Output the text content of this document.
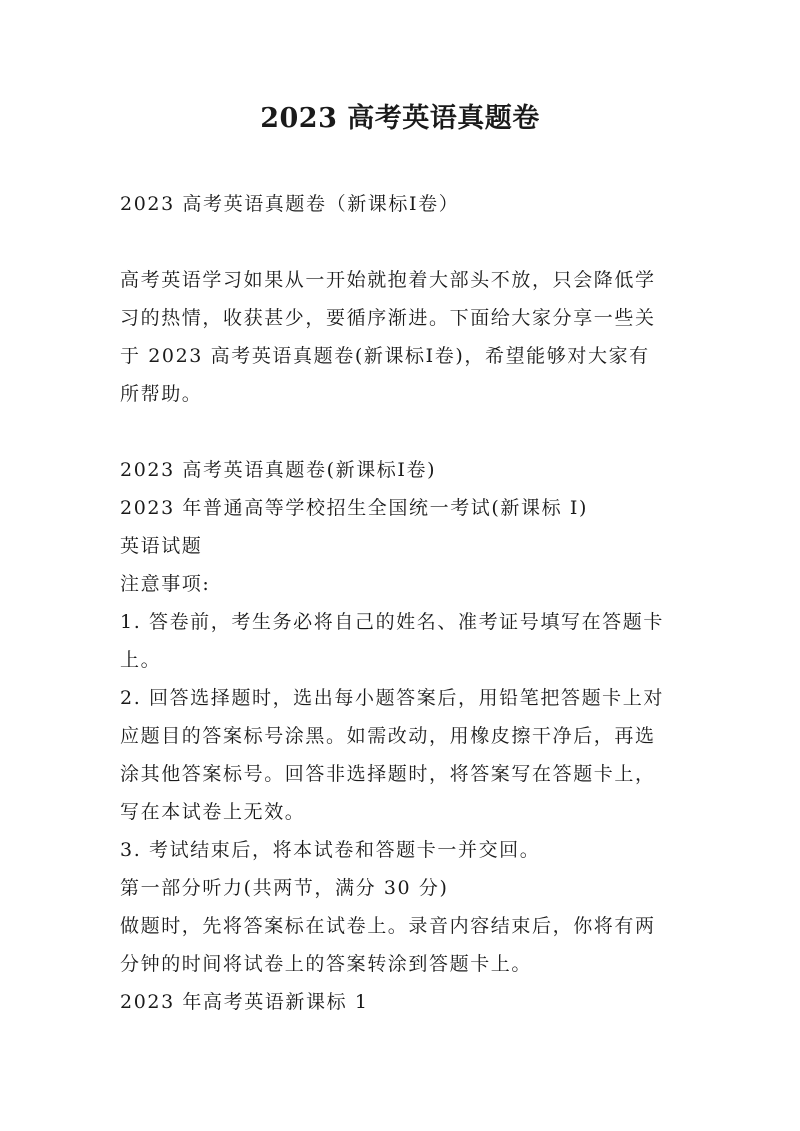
2023 高考英语真题卷

2023 高考英语真题卷（新课标Ⅰ卷）

高考英语学习如果从一开始就抱着大部头不放，只会降低学

习的热情，收获甚少，要循序渐进。下面给大家分享一些关

于 2023 高考英语真题卷(新课标Ⅰ卷)，希望能够对大家有

所帮助。

2023 高考英语真题卷(新课标Ⅰ卷)

2023 年普通高等学校招生全国统一考试(新课标 I)

英语试题

注意事项:

1. 答卷前，考生务必将自己的姓名、准考证号填写在答题卡

上。

2. 回答选择题时，选出每小题答案后，用铅笔把答题卡上对

应题目的答案标号涂黑。如需改动，用橡皮擦干净后，再选

涂其他答案标号。回答非选择题时，将答案写在答题卡上，

写在本试卷上无效。

3. 考试结束后，将本试卷和答题卡一并交回。

第一部分听力(共两节，满分 30 分)

做题时，先将答案标在试卷上。录音内容结束后，你将有两

分钟的时间将试卷上的答案转涂到答题卡上。

2023 年高考英语新课标 1
